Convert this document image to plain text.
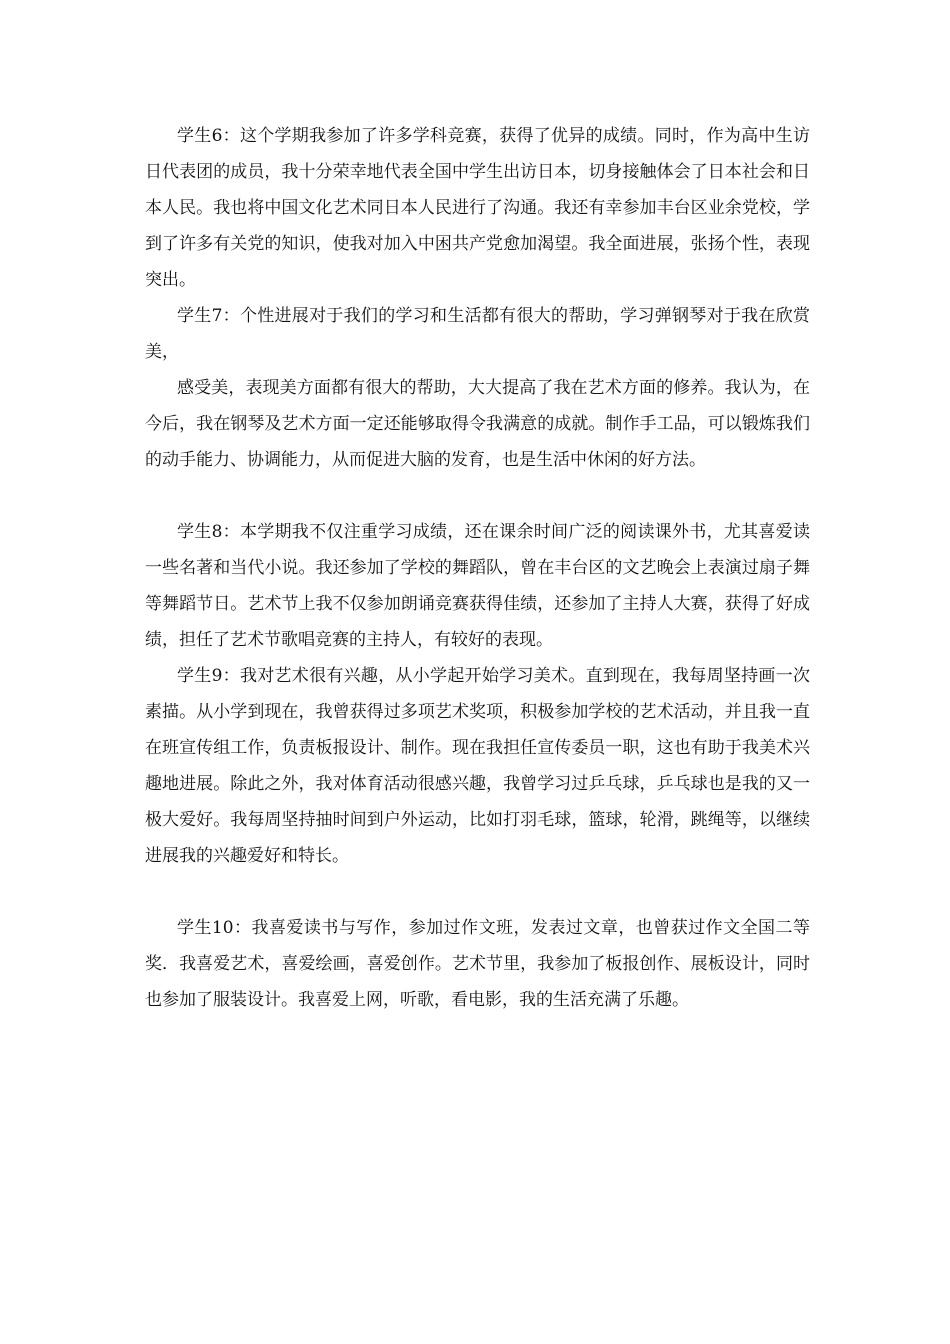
学生6：这个学期我参加了许多学科竞赛，获得了优异的成绩。同时，作为高中生访日代表团的成员，我十分荣幸地代表全国中学生出访日本，切身接触体会了日本社会和日本人民。我也将中国文化艺术同日本人民进行了沟通。我还有幸参加丰台区业余党校，学到了许多有关党的知识，使我对加入中困共产党愈加渴望。我全面进展，张扬个性，表现突出。

学生7：个性进展对于我们的学习和生活都有很大的帮助，学习弹钢琴对于我在欣赏美，

感受美，表现美方面都有很大的帮助，大大提高了我在艺术方面的修养。我认为，在今后，我在钢琴及艺术方面一定还能够取得令我满意的成就。制作手工品，可以锻炼我们的动手能力、协调能力，从而促进大脑的发育，也是生活中休闲的好方法。

学生8：本学期我不仅注重学习成绩，还在课余时间广泛的阅读课外书，尤其喜爱读一些名著和当代小说。我还参加了学校的舞蹈队，曾在丰台区的文艺晚会上表演过扇子舞等舞蹈节日。艺术节上我不仅参加朗诵竞赛获得佳绩，还参加了主持人大赛，获得了好成绩，担任了艺术节歌唱竞赛的主持人，有较好的表现。

学生9：我对艺术很有兴趣，从小学起开始学习美术。直到现在，我每周坚持画一次素描。从小学到现在，我曾获得过多项艺术奖项，积极参加学校的艺术活动，并且我一直在班宣传组工作，负责板报设计、制作。现在我担任宣传委员一职，这也有助于我美术兴趣地进展。除此之外，我对体育活动很感兴趣，我曾学习过乒乓球，乒乓球也是我的又一极大爱好。我每周坚持抽时间到户外运动，比如打羽毛球，篮球，轮滑，跳绳等，以继续进展我的兴趣爱好和特长。

学生10：我喜爱读书与写作，参加过作文班，发表过文章，也曾获过作文全国二等奖．我喜爱艺术，喜爱绘画，喜爱创作。艺术节里，我参加了板报创作、展板设计，同时也参加了服装设计。我喜爱上网，听歌，看电影，我的生活充满了乐趣。
